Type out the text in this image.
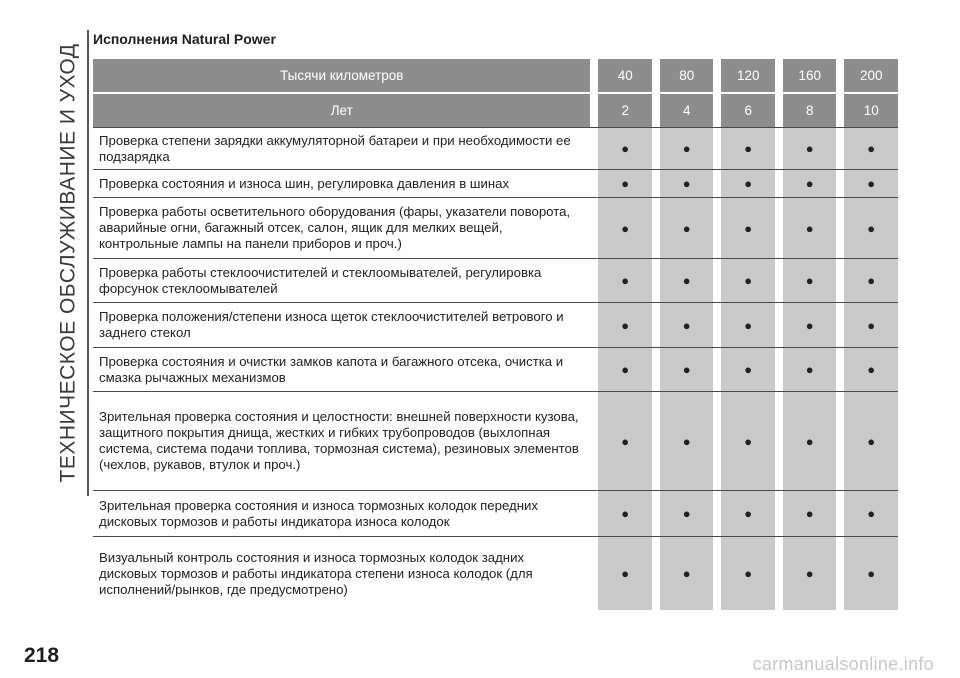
ТЕХНИЧЕСКОЕ ОБСЛУЖИВАНИЕ И УХОД
Исполнения Natural Power
Тысячи километров	40	80	120	160	200
Лет	2	4	6	8	10
Проверка степени зарядки аккумуляторной батареи и при необходимости ее подзарядка	●	●	●	●	●
Проверка состояния и износа шин, регулировка давления в шинах	●	●	●	●	●
Проверка работы осветительного оборудования (фары, указатели поворота, аварийные огни, багажный отсек, салон, ящик для мелких вещей, контрольные лампы на панели приборов и проч.)
●	●	●	●	●
Проверка работы стеклоочистителей и стеклоомывателей, регулировка форсунок стеклоомывателей	●	●	●	●	●
Проверка положения/степени износа щеток стеклоочистителей ветрового и заднего стекол	●	●	●	●	●
Проверка состояния и очистки замков капота и багажного отсека, очистка и смазка рычажных механизмов	●	●	●	●	●
Зрительная проверка состояния и целостности: внешней поверхности кузова, защитного покрытия днища, жестких и гибких трубопроводов (выхлопная система, система подачи топлива, тормозная система), резиновых элементов (чехлов, рукавов, втулок и проч.)
●	●	●	●	●
Зрительная проверка состояния и износа тормозных колодок передних дисковых тормозов и работы индикатора износа колодок	●	●	●	●	●
Визуальный контроль состояния и износа тормозных колодок задних дисковых тормозов и работы индикатора степени износа колодок (для исполнений/рынков, где предусмотрено)
●	●	●	●	●
218	carmanualsonline.info
